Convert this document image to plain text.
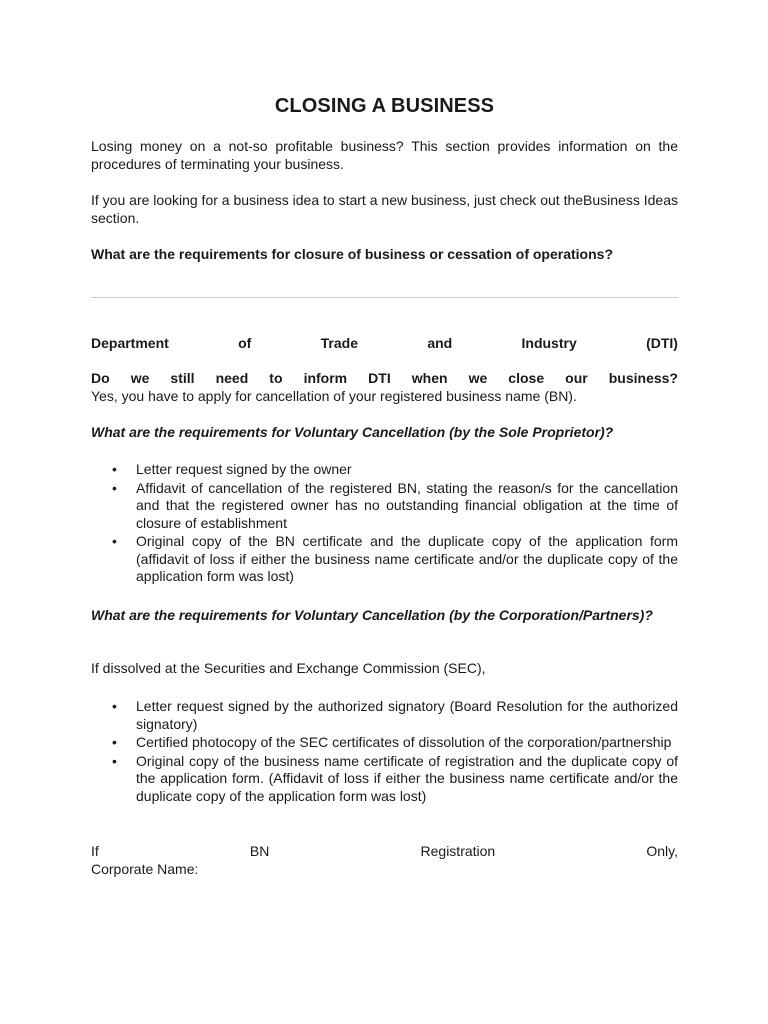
CLOSING A BUSINESS
Losing money on a not-so profitable business? This section provides information on the procedures of terminating your business.
If you are looking for a business idea to start a new business, just check out theBusiness Ideas section.
What are the requirements for closure of business or cessation of operations?
Department	of	Trade	and	Industry	(DTI)
Do we still need to inform DTI when we close our business?
Yes, you have to apply for cancellation of your registered business name (BN).
What are the requirements for Voluntary Cancellation (by the Sole Proprietor)?
• Letter request signed by the owner
• Affidavit of cancellation of the registered BN, stating the reason/s for the cancellation and that the registered owner has no outstanding financial obligation at the time of closure of establishment
• Original copy of the BN certificate and the duplicate copy of the application form (affidavit of loss if either the business name certificate and/or the duplicate copy of the application form was lost)
What are the requirements for Voluntary Cancellation (by the Corporation/Partners)?
If dissolved at the Securities and Exchange Commission (SEC),
• Letter request signed by the authorized signatory (Board Resolution for the authorized signatory)
• Certified photocopy of the SEC certificates of dissolution of the corporation/partnership
• Original copy of the business name certificate of registration and the duplicate copy of the application form. (Affidavit of loss if either the business name certificate and/or the duplicate copy of the application form was lost)
If	BN	Registration	Only,
Corporate Name:
